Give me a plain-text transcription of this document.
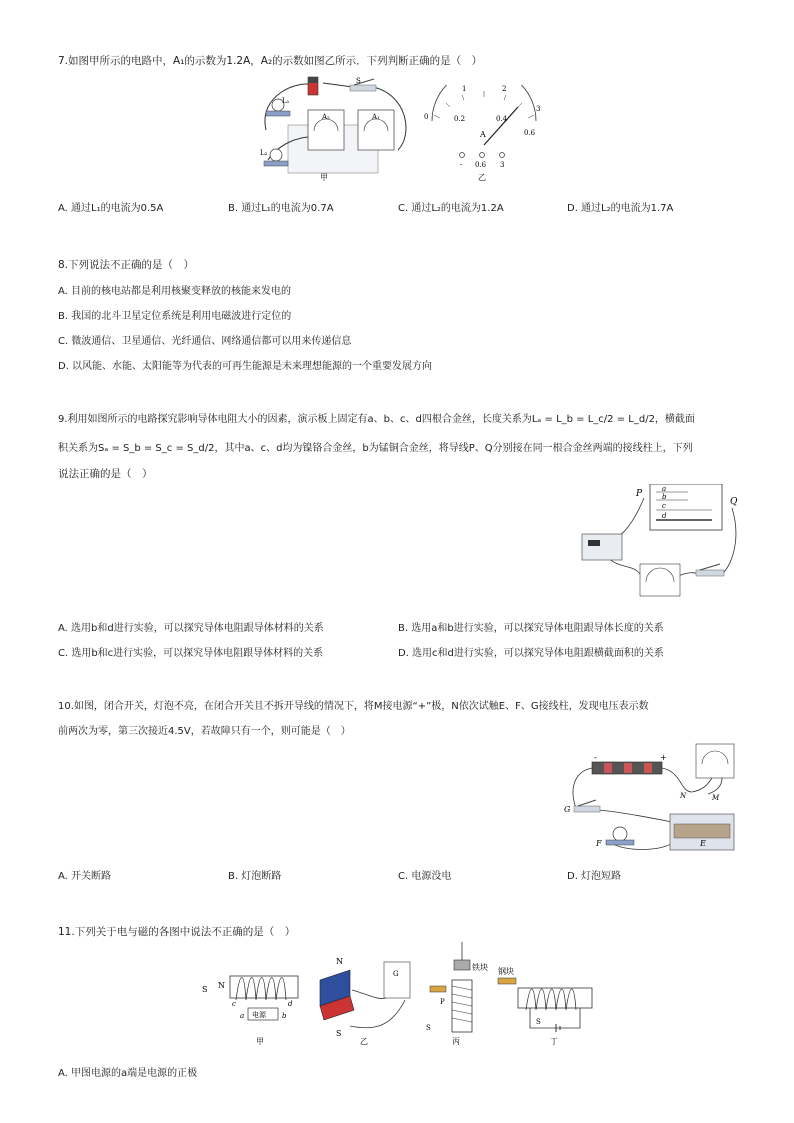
7.如图甲所示的电路中，A₁的示数为1.2A，A₂的示数如图乙所示．下列判断正确的是（　）
S
L₁
L₂
A₂	A₁
甲
1	2
3
0	0.2	0.4
0.6
A
- 0.6 3
乙
A. 通过L₁的电流为0.5A	B. 通过L₁的电流为0.7A	C. 通过L₂的电流为1.2A	D. 通过L₂的电流为1.7A
8.下列说法不正确的是（　）
A. 目前的核电站都是利用核聚变释放的核能来发电的
B. 我国的北斗卫星定位系统是利用电磁波进行定位的
C. 微波通信、卫星通信、光纤通信、网络通信都可以用来传递信息
D. 以风能、水能、太阳能等为代表的可再生能源是未来理想能源的一个重要发展方向
9.利用如图所示的电路探究影响导体电阻大小的因素，演示板上固定有a、b、c、d四根合金丝，长度关系为Lₐ = L_b = L_c/2 = L_d/2，横截面
积关系为Sₐ = S_b = S_c = S_d/2，其中a、c、d均为镍铬合金丝，b为锰铜合金丝，将导线P、Q分别接在同一根合金丝两端的接线柱上，下列
说法正确的是（　）
a
b
c
d
P
Q
A. 选用b和d进行实验，可以探究导体电阻跟导体材料的关系	B. 选用a和b进行实验，可以探究导体电阻跟导体长度的关系
C. 选用b和c进行实验，可以探究导体电阻跟导体材料的关系	D. 选用c和d进行实验，可以探究导体电阻跟横截面积的关系
10.如图，闭合开关，灯泡不亮，在闭合开关且不拆开导线的情况下，将M接电源“+”极，N依次试触E、F、G接线柱，发现电压表示数
前两次为零，第三次接近4.5V，若故障只有一个，则可能是（　）
-	+
G
F	E
N	M
A. 开关断路	B. 灯泡断路	C. 电源没电	D. 灯泡短路
11.下列关于电与磁的各图中说法不正确的是（　）
S N
电源
a	b
c	d
甲
N
S
G
乙
铁块
P
S
丙
钢块
S
丁
A. 甲图电源的a端是电源的正极
